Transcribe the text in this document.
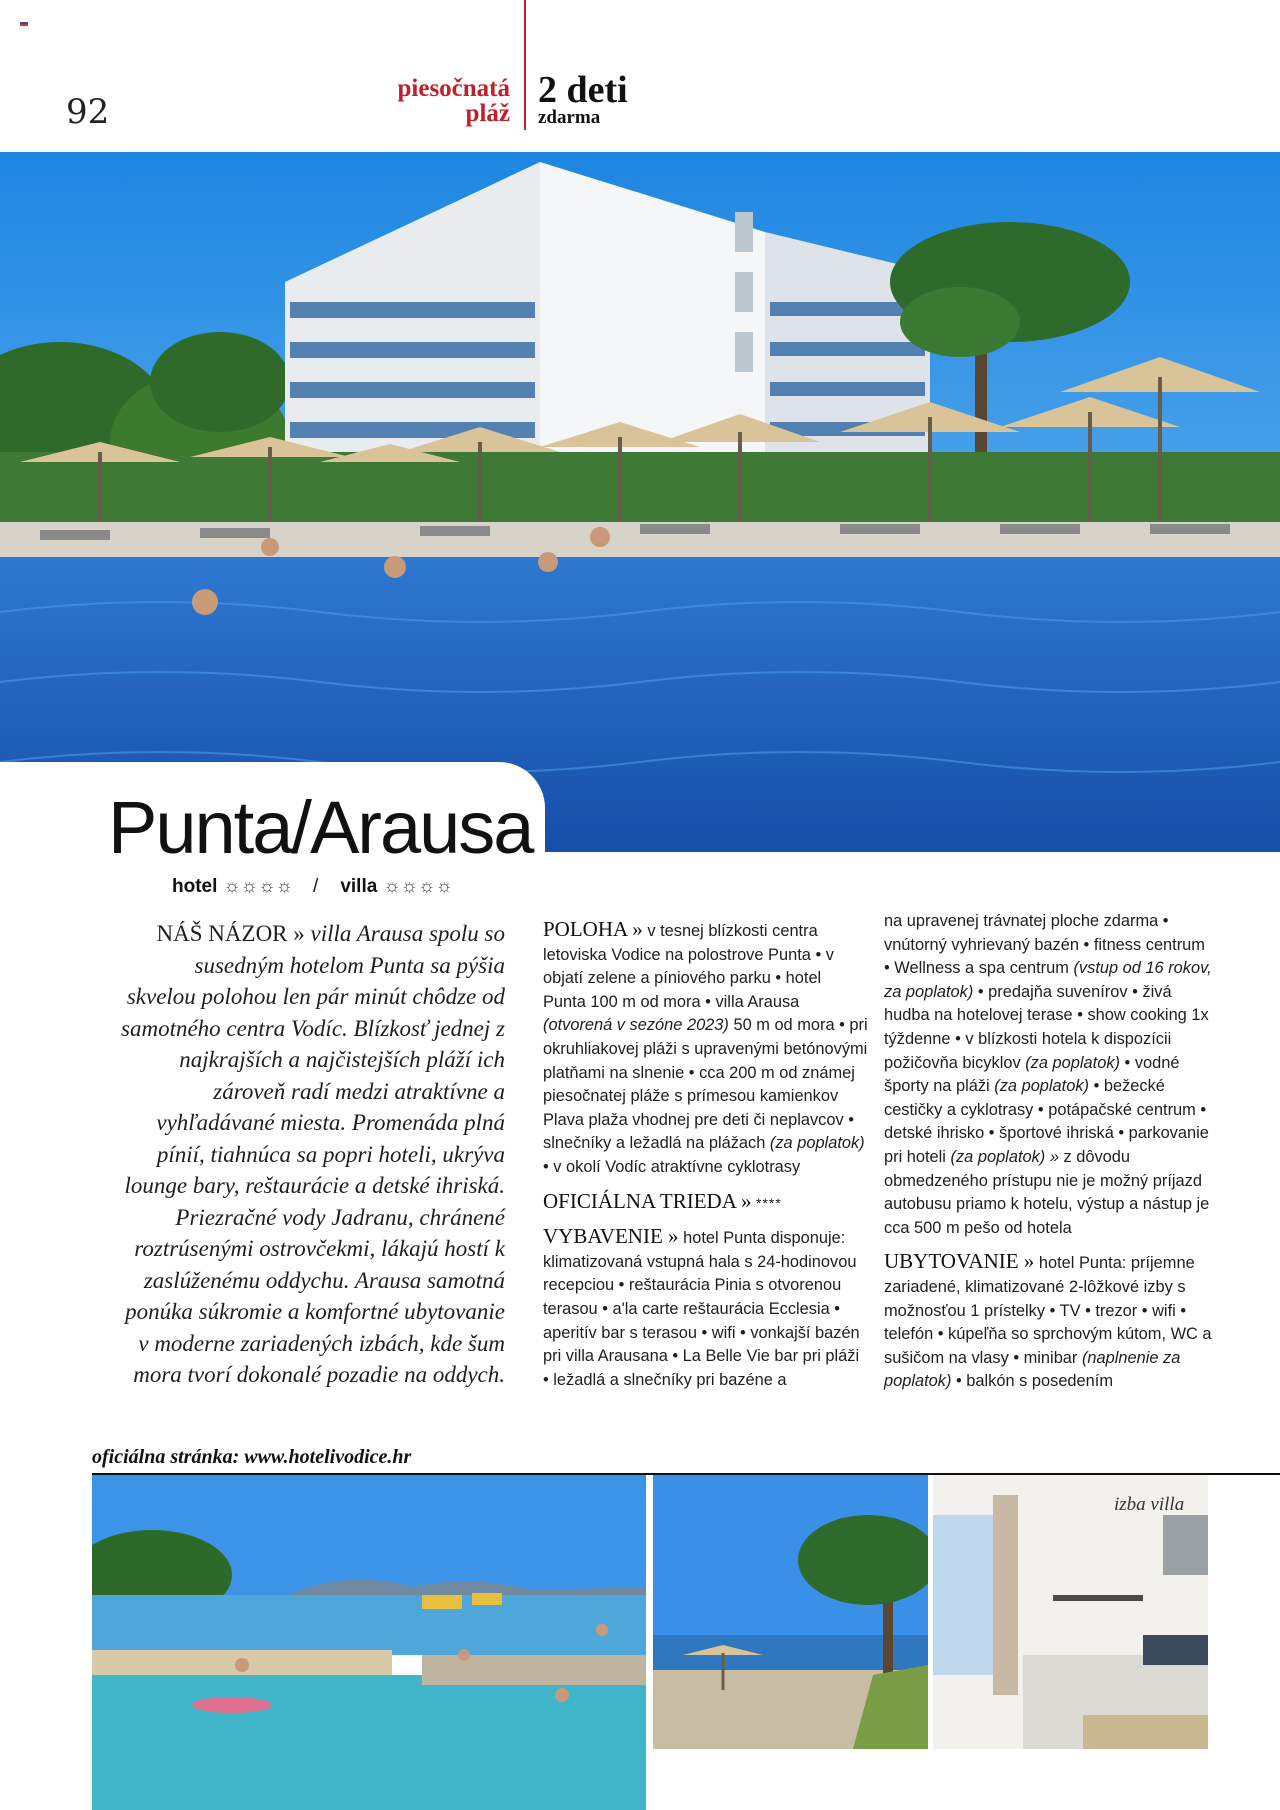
92
piesočnatá
pláž
2 deti
zdarma
Punta/Arausa
hotel ☼☼☼☼ / villa ☼☼☼☼
NÁŠ NÁZOR » villa Arausa spolu so susedným hotelom Punta sa pýšia skvelou polohou len pár minút chôdze od samotného centra Vodíc. Blízkosť jednej z najkrajších a najčistejších pláží ich zároveň radí medzi atraktívne a vyhľadávané miesta. Promenáda plná pínií, tiahnúca sa popri hoteli, ukrýva lounge bary, reštaurácie a detské ihriská. Priezračné vody Jadranu, chránené roztrúsenými ostrovčekmi, lákajú hostí k zaslúženému oddychu. Arausa samotná ponúka súkromie a komfortné ubytovanie v moderne zariadených izbách, kde šum mora tvorí dokonalé pozadie na oddych.
POLOHA » v tesnej blízkosti centra letoviska Vodice na polostrove Punta • v objatí zelene a píniového parku • hotel Punta 100 m od mora • villa Arausa (otvorená v sezóne 2023) 50 m od mora • pri okruhliakovej pláži s upravenými betónovými platňami na slnenie • cca 200 m od známej piesočnatej pláže s prímesou kamienkov Plava plaža vhodnej pre deti či neplavcov • slnečníky a ležadlá na plážach (za poplatok) • v okolí Vodíc atraktívne cyklotrasy
OFICIÁLNA TRIEDA » ****
VYBAVENIE » hotel Punta disponuje: klimatizovaná vstupná hala s 24-hodinovou recepciou • reštaurácia Pinia s otvorenou terasou • a'la carte reštaurácia Ecclesia • aperitív bar s terasou • wifi • vonkajší bazén pri villa Arausana • La Belle Vie bar pri pláži • ležadlá a slnečníky pri bazéne a
na upravenej trávnatej ploche zdarma • vnútorný vyhrievaný bazén • fitness centrum • Wellness a spa centrum (vstup od 16 rokov, za poplatok) • predajňa suvenírov • živá hudba na hotelovej terase • show cooking 1x týždenne • v blízkosti hotela k dispozícii požičovňa bicyklov (za poplatok) • vodné športy na pláži (za poplatok) • bežecké cestičky a cyklotrasy • potápačské centrum • detské ihrisko • športové ihriská • parkovanie pri hoteli (za poplatok) » z dôvodu obmedzeného prístupu nie je možný príjazd autobusu priamo k hotelu, výstup a nástup je cca 500 m pešo od hotela
UBYTOVANIE » hotel Punta: príjemne zariadené, klimatizované 2-lôžkové izby s možnosťou 1 prístelky • TV • trezor • wifi • telefón • kúpeľňa so sprchovým kútom, WC a sušičom na vlasy • minibar (naplnenie za poplatok) • balkón s posedením
oficiálna stránka: www.hotelivodice.hr
izba villa
